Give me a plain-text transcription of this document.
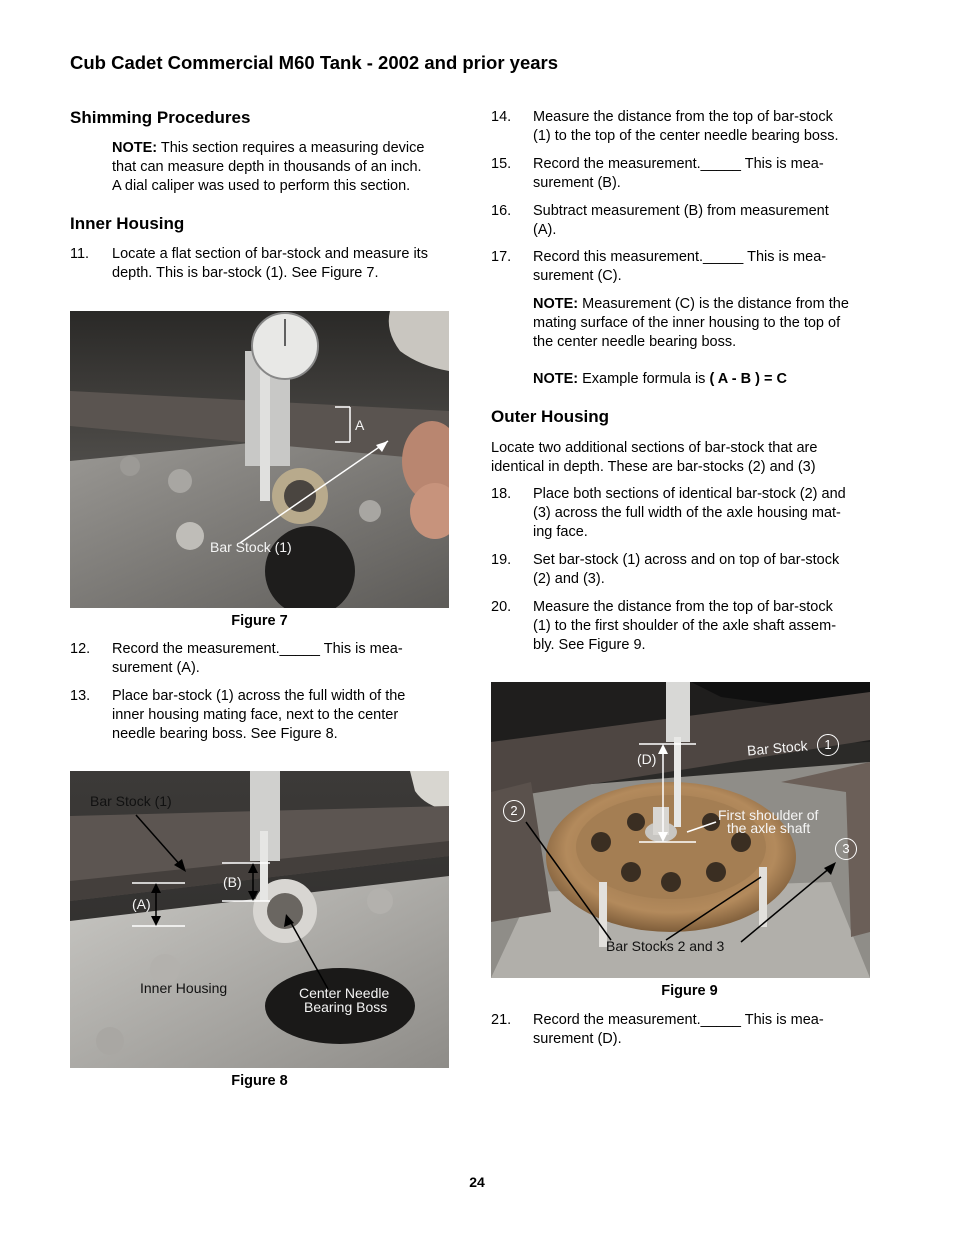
Cub Cadet Commercial M60 Tank - 2002 and prior years
Shimming Procedures
NOTE: This section requires a measuring device
that can measure depth in thousands of an inch.
A dial caliper was used to perform this section.
Inner Housing
11. Locate a flat section of bar-stock and measure its
depth. This is bar-stock (1). See Figure 7.
A
Bar Stock (1)
Figure 7
12. Record the measurement._____ This is mea-
surement (A).
13. Place bar-stock (1) across the full width of the
inner housing mating face, next to the center
needle bearing boss. See Figure 8.
Bar Stock (1)
(A)
(B)
Inner Housing	Center Needle
Bearing Boss
Figure 8
14. Measure the distance from the top of bar-stock
(1) to the top of the center needle bearing boss.
15. Record the measurement._____ This is mea-
surement (B).
16. Subtract measurement (B) from measurement
(A).
17. Record this measurement._____ This is mea-
surement (C).
NOTE: Measurement (C) is the distance from the
mating surface of the inner housing to the top of
the center needle bearing boss.
NOTE: Example formula is ( A - B ) = C
Outer Housing
Locate two additional sections of bar-stock that are
identical in depth. These are bar-stocks (2) and (3)
18. Place both sections of identical bar-stock (2) and
(3) across the full width of the axle housing mat-
ing face.
19. Set bar-stock (1) across and on top of bar-stock
(2) and (3).
20. Measure the distance from the top of bar-stock
(1) to the first shoulder of the axle shaft assem-
bly. See Figure 9.
Bar Stock	1
2
3
(D)
First shoulder of
the axle shaft
Bar Stocks 2 and 3
Figure 9
21. Record the measurement._____ This is mea-
surement (D).
24
